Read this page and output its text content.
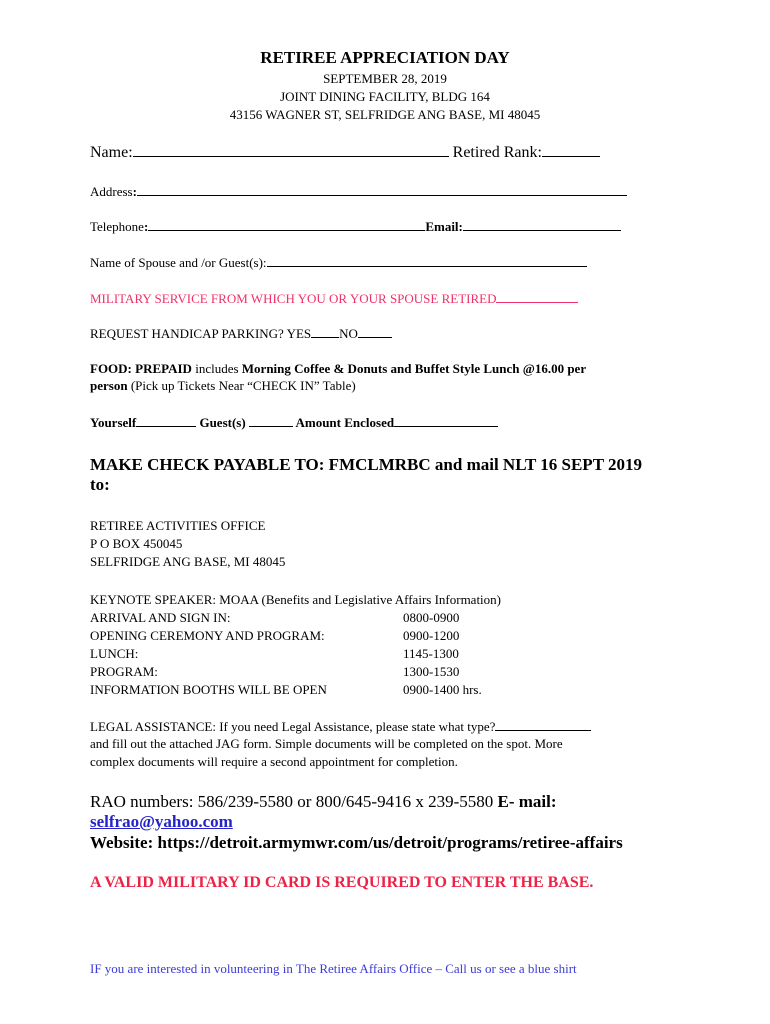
RETIREE APPRECIATION DAY
SEPTEMBER 28, 2019
JOINT DINING FACILITY, BLDG 164
43156 WAGNER ST, SELFRIDGE ANG BASE, MI 48045
Name:	Retired Rank:
Address:
Telephone:	Email:
Name of Spouse and /or Guest(s):
MILITARY SERVICE FROM WHICH YOU OR YOUR SPOUSE RETIRED
REQUEST HANDICAP PARKING? YES NO
FOOD: PREPAID includes Morning Coffee & Donuts and Buffet Style Lunch @16.00 per
person (Pick up Tickets Near “CHECK IN” Table)
Yourself	Guest(s)	Amount Enclosed
MAKE CHECK PAYABLE TO: FMCLMRBC and mail NLT 16 SEPT 2019
to:
RETIREE ACTIVITIES OFFICE
P O BOX 450045
SELFRIDGE ANG BASE, MI 48045
KEYNOTE SPEAKER: MOAA (Benefits and Legislative Affairs Information)
ARRIVAL AND SIGN IN:	0800-0900
OPENING CEREMONY AND PROGRAM:	0900-1200
LUNCH:	1145-1300
PROGRAM:	1300-1530
INFORMATION BOOTHS WILL BE OPEN	0900-1400 hrs.
LEGAL ASSISTANCE: If you need Legal Assistance, please state what type?
and fill out the attached JAG form. Simple documents will be completed on the spot. More
complex documents will require a second appointment for completion.
RAO numbers: 586/239-5580 or 800/645-9416 x 239-5580 E- mail:
selfrao@yahoo.com
Website: https://detroit.armymwr.com/us/detroit/programs/retiree-affairs
A VALID MILITARY ID CARD IS REQUIRED TO ENTER THE BASE.
IF you are interested in volunteering in The Retiree Affairs Office – Call us or see a blue shirt
